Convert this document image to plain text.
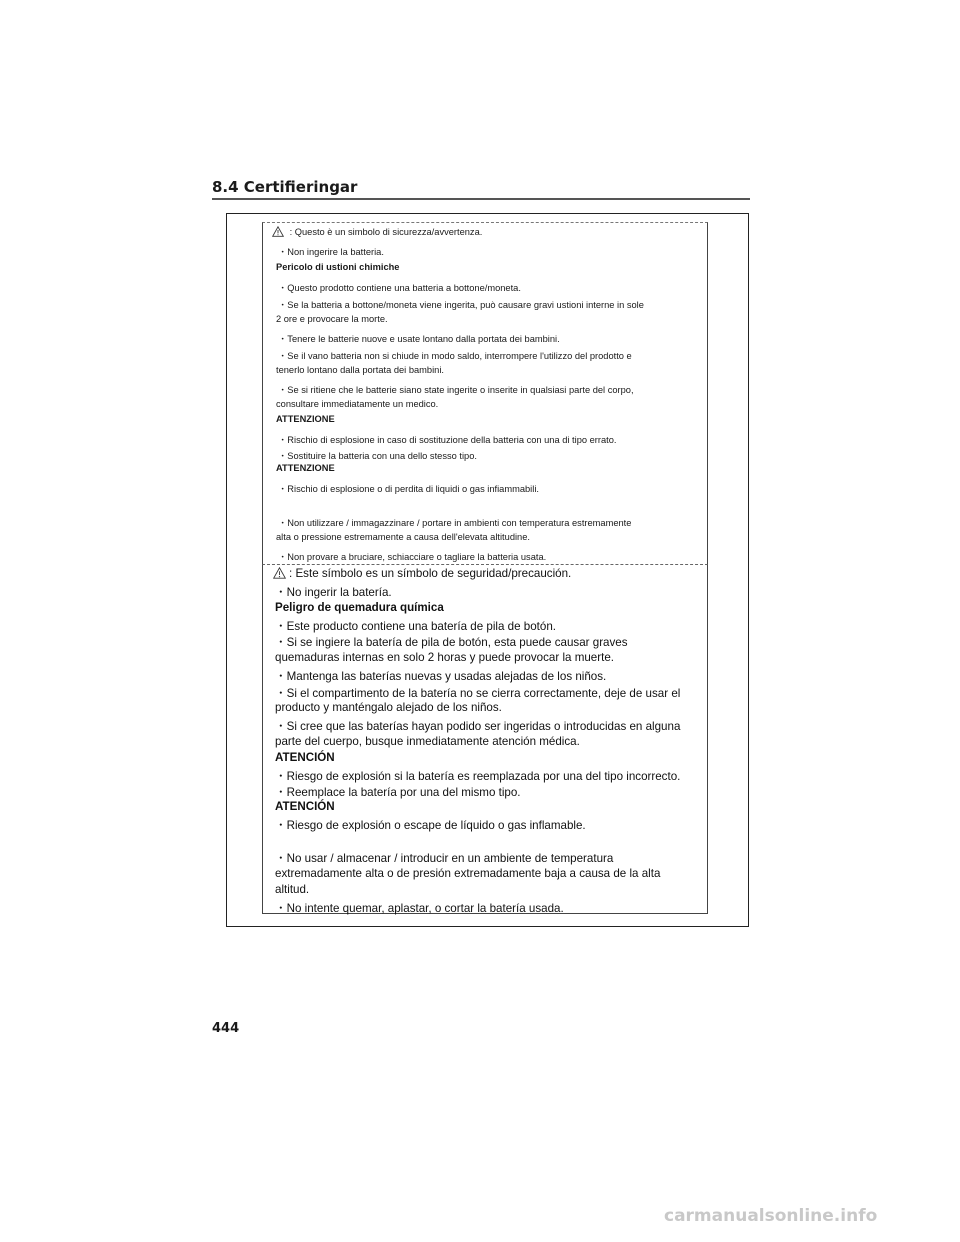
8.4 Certifieringar
: Questo è un simbolo di sicurezza/avvertenza.
・Non ingerire la batteria.
Pericolo di ustioni chimiche
・Questo prodotto contiene una batteria a bottone/moneta.
・Se la batteria a bottone/moneta viene ingerita, può causare gravi ustioni interne in sole
2 ore e provocare la morte.
・Tenere le batterie nuove e usate lontano dalla portata dei bambini.
・Se il vano batteria non si chiude in modo saldo, interrompere l'utilizzo del prodotto e
tenerlo lontano dalla portata dei bambini.
・Se si ritiene che le batterie siano state ingerite o inserite in qualsiasi parte del corpo,
consultare immediatamente un medico.
ATTENZIONE
・Rischio di esplosione in caso di sostituzione della batteria con una di tipo errato.
・Sostituire la batteria con una dello stesso tipo.
ATTENZIONE
・Rischio di esplosione o di perdita di liquidi o gas infiammabili.
・Non utilizzare / immagazzinare / portare in ambienti con temperatura estremamente
alta o pressione estremamente a causa dell'elevata altitudine.
・Non provare a bruciare, schiacciare o tagliare la batteria usata.
: Este símbolo es un símbolo de seguridad/precaución.
・No ingerir la batería.
Peligro de quemadura química
・Este producto contiene una batería de pila de botón.
・Si se ingiere la batería de pila de botón, esta puede causar graves
quemaduras internas en solo 2 horas y puede provocar la muerte.
・Mantenga las baterías nuevas y usadas alejadas de los niños.
・Si el compartimento de la batería no se cierra correctamente, deje de usar el
producto y manténgalo alejado de los niños.
・Si cree que las baterías hayan podido ser ingeridas o introducidas en alguna
parte del cuerpo, busque inmediatamente atención médica.
ATENCIÓN
・Riesgo de explosión si la batería es reemplazada por una del tipo incorrecto.
・Reemplace la batería por una del mismo tipo.
ATENCIÓN
・Riesgo de explosión o escape de líquido o gas inflamable.
・No usar / almacenar / introducir en un ambiente de temperatura
extremadamente alta o de presión extremadamente baja a causa de la alta
altitud.
・No intente quemar, aplastar, o cortar la batería usada.
444
carmanualsonline.info
